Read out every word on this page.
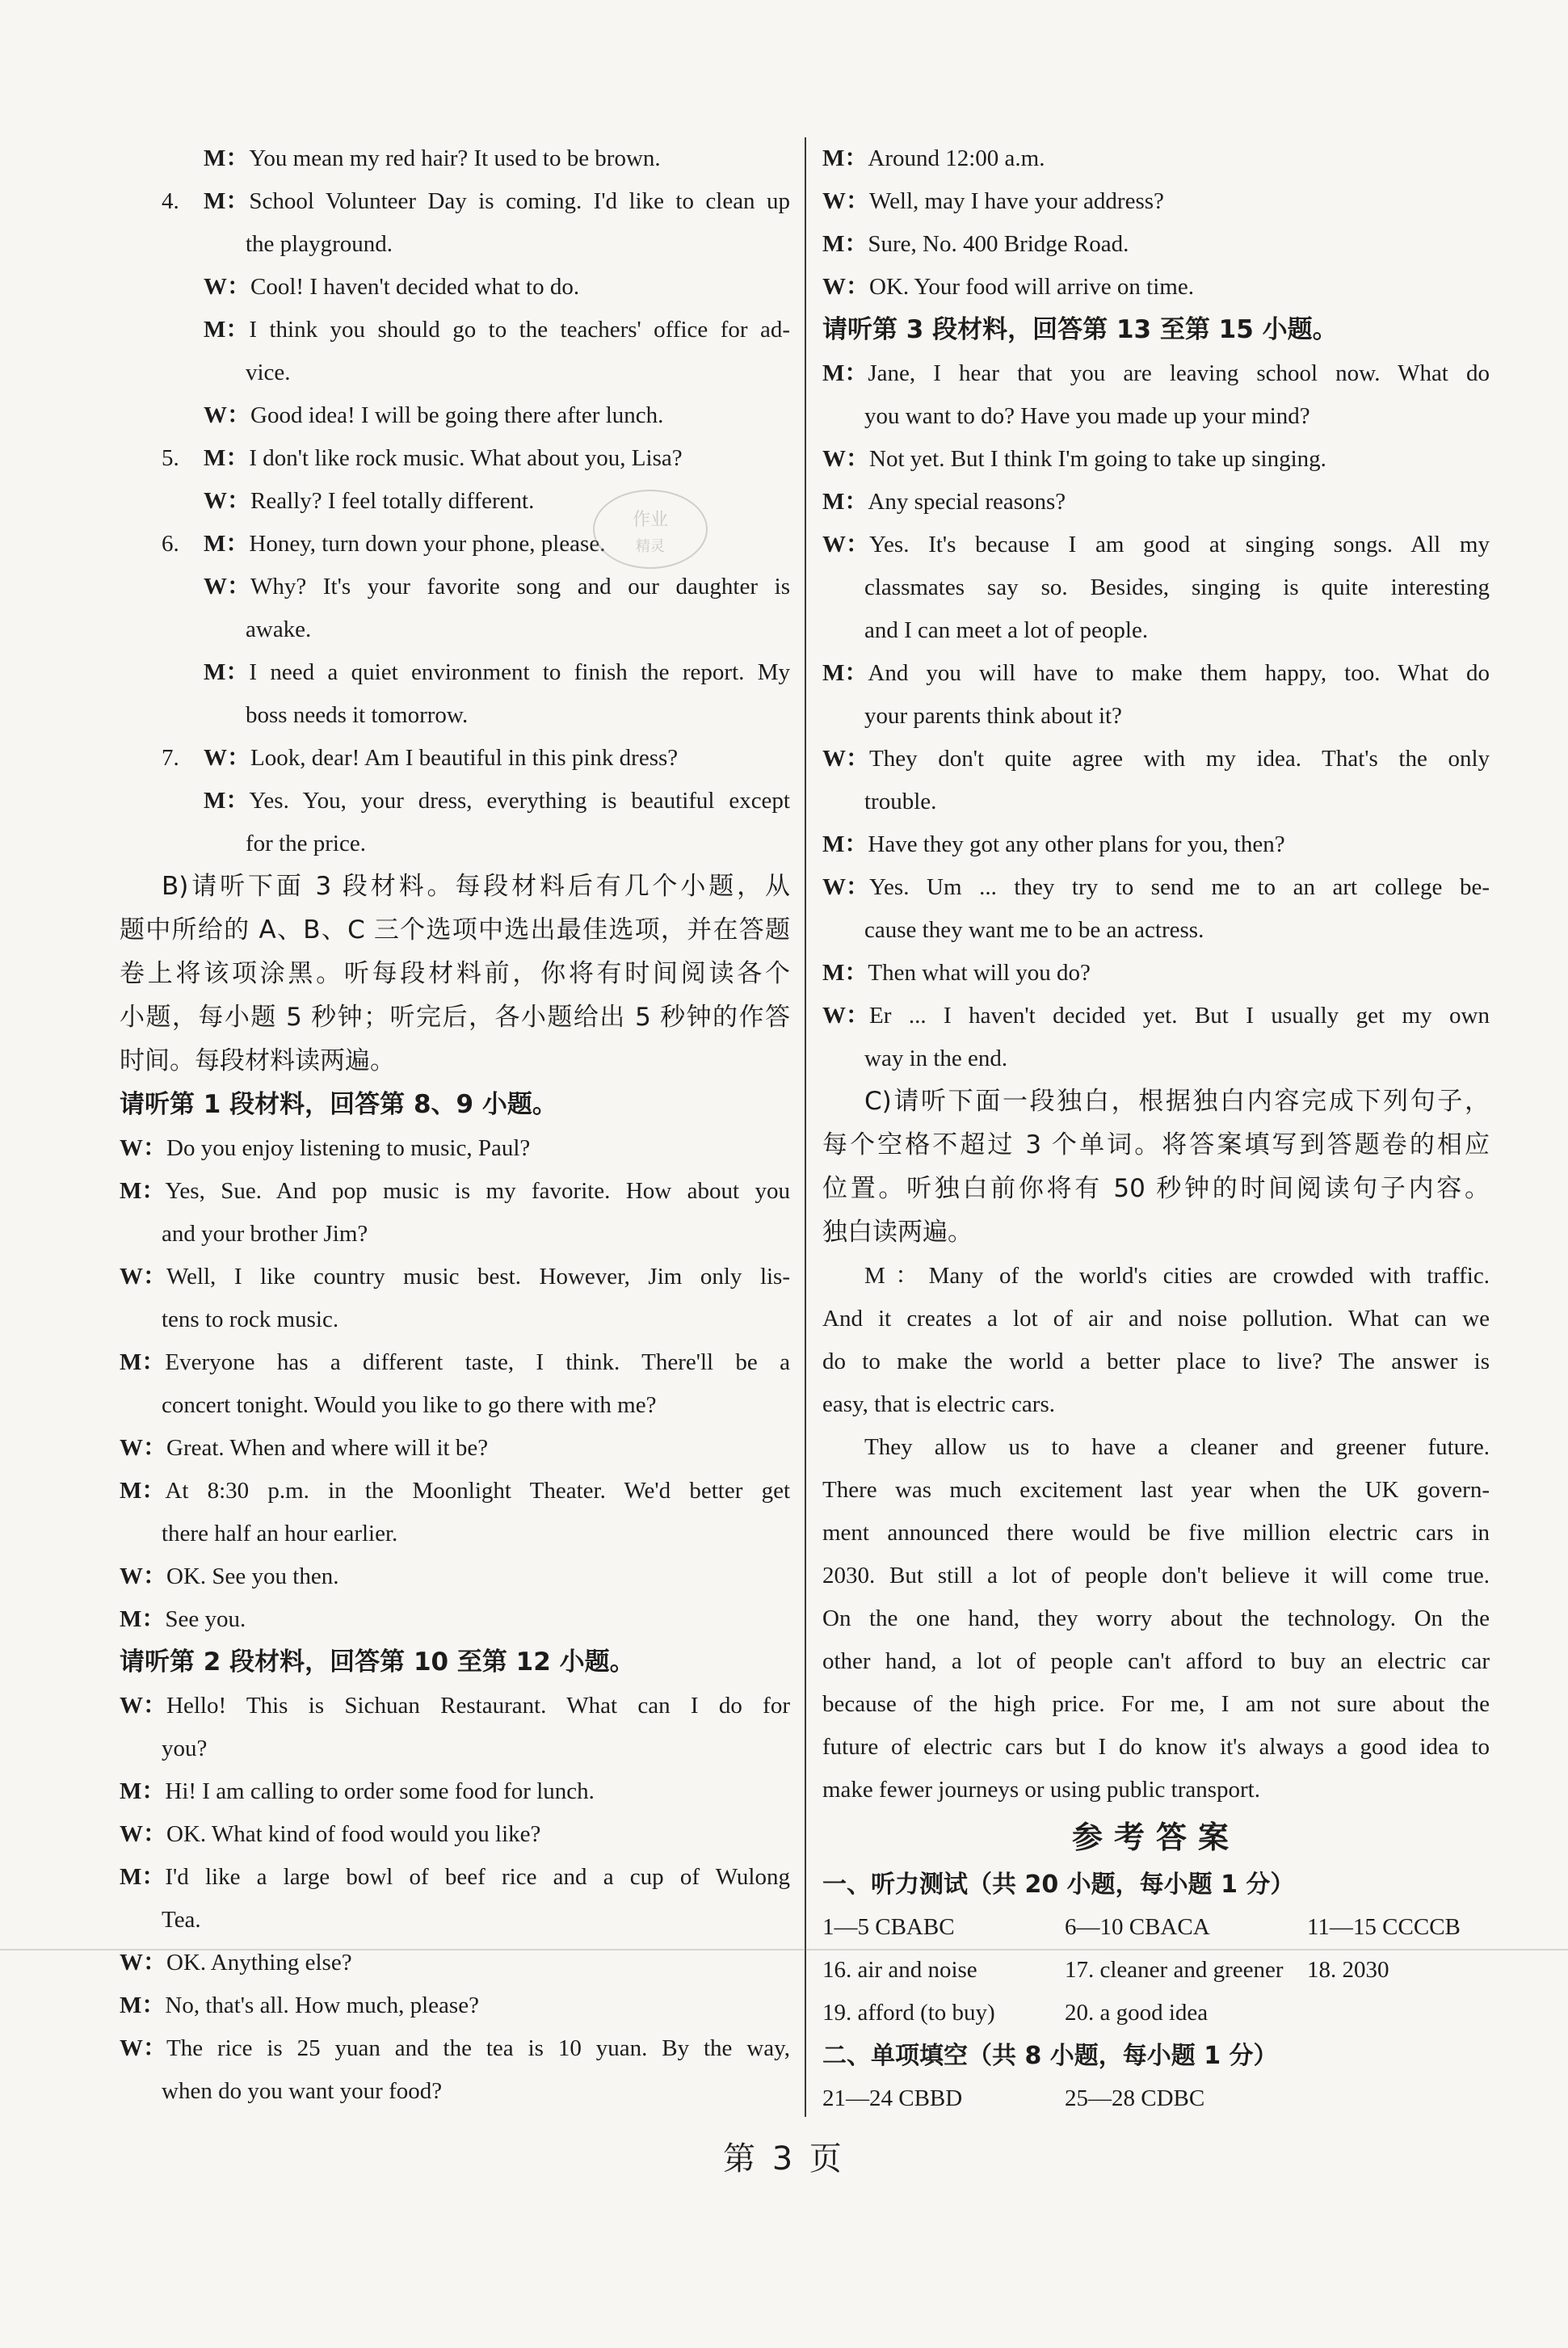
M：You mean my red hair? It used to be brown.
4. M：School Volunteer Day is coming. I'd like to clean up
the playground.
W：Cool! I haven't decided what to do.
M：I think you should go to the teachers' office for ad-
vice.
W：Good idea! I will be going there after lunch.
5. M：I don't like rock music. What about you, Lisa?
W：Really? I feel totally different.
6. M：Honey, turn down your phone, please.
W：Why? It's your favorite song and our daughter is
awake.
M：I need a quiet environment to finish the report. My
boss needs it tomorrow.
7. W：Look, dear! Am I beautiful in this pink dress?
M：Yes. You, your dress, everything is beautiful except
for the price.
B)请听下面 3 段材料。每段材料后有几个小题，从
题中所给的 A、B、C 三个选项中选出最佳选项，并在答题
卷上将该项涂黑。听每段材料前，你将有时间阅读各个
小题，每小题 5 秒钟；听完后，各小题给出 5 秒钟的作答
时间。每段材料读两遍。
请听第 1 段材料，回答第 8、9 小题。
W：Do you enjoy listening to music, Paul?
M：Yes, Sue. And pop music is my favorite. How about you
and your brother Jim?
W：Well, I like country music best. However, Jim only lis-
tens to rock music.
M：Everyone has a different taste, I think. There'll be a
concert tonight. Would you like to go there with me?
W：Great. When and where will it be?
M：At 8:30 p.m. in the Moonlight Theater. We'd better get
there half an hour earlier.
W：OK. See you then.
M：See you.
请听第 2 段材料，回答第 10 至第 12 小题。
W：Hello! This is Sichuan Restaurant. What can I do for
you?
M：Hi! I am calling to order some food for lunch.
W：OK. What kind of food would you like?
M：I'd like a large bowl of beef rice and a cup of Wulong
Tea.
W：OK. Anything else?
M：No, that's all. How much, please?
W：The rice is 25 yuan and the tea is 10 yuan. By the way,
when do you want your food?
M：Around 12:00 a.m.
W：Well, may I have your address?
M：Sure, No. 400 Bridge Road.
W：OK. Your food will arrive on time.
请听第 3 段材料，回答第 13 至第 15 小题。
M：Jane, I hear that you are leaving school now. What do
you want to do? Have you made up your mind?
W：Not yet. But I think I'm going to take up singing.
M：Any special reasons?
W：Yes. It's because I am good at singing songs. All my
classmates say so. Besides, singing is quite interesting
and I can meet a lot of people.
M：And you will have to make them happy, too. What do
your parents think about it?
W：They don't quite agree with my idea. That's the only
trouble.
M：Have they got any other plans for you, then?
W：Yes. Um ... they try to send me to an art college be-
cause they want me to be an actress.
M：Then what will you do?
W：Er ... I haven't decided yet. But I usually get my own
way in the end.
C)请听下面一段独白，根据独白内容完成下列句子，
每个空格不超过 3 个单词。将答案填写到答题卷的相应
位置。听独白前你将有 50 秒钟的时间阅读句子内容。
独白读两遍。
M：Many of the world's cities are crowded with traffic.
And it creates a lot of air and noise pollution. What can we
do to make the world a better place to live? The answer is
easy, that is electric cars.
They allow us to have a cleaner and greener future.
There was much excitement last year when the UK govern-
ment announced there would be five million electric cars in
2030. But still a lot of people don't believe it will come true.
On the one hand, they worry about the technology. On the
other hand, a lot of people can't afford to buy an electric car
because of the high price. For me, I am not sure about the
future of electric cars but I do know it's always a good idea to
make fewer journeys or using public transport.
参考答案
一、听力测试（共 20 小题，每小题 1 分）
1—5 CBABC	6—10 CBACA	11—15 CCCCB
16. air and noise	17. cleaner and greener 18. 2030
19. afford (to buy)	20. a good idea
二、单项填空（共 8 小题，每小题 1 分）
21—24 CBBD	25—28 CDBC
作业
精灵
第 3 页
